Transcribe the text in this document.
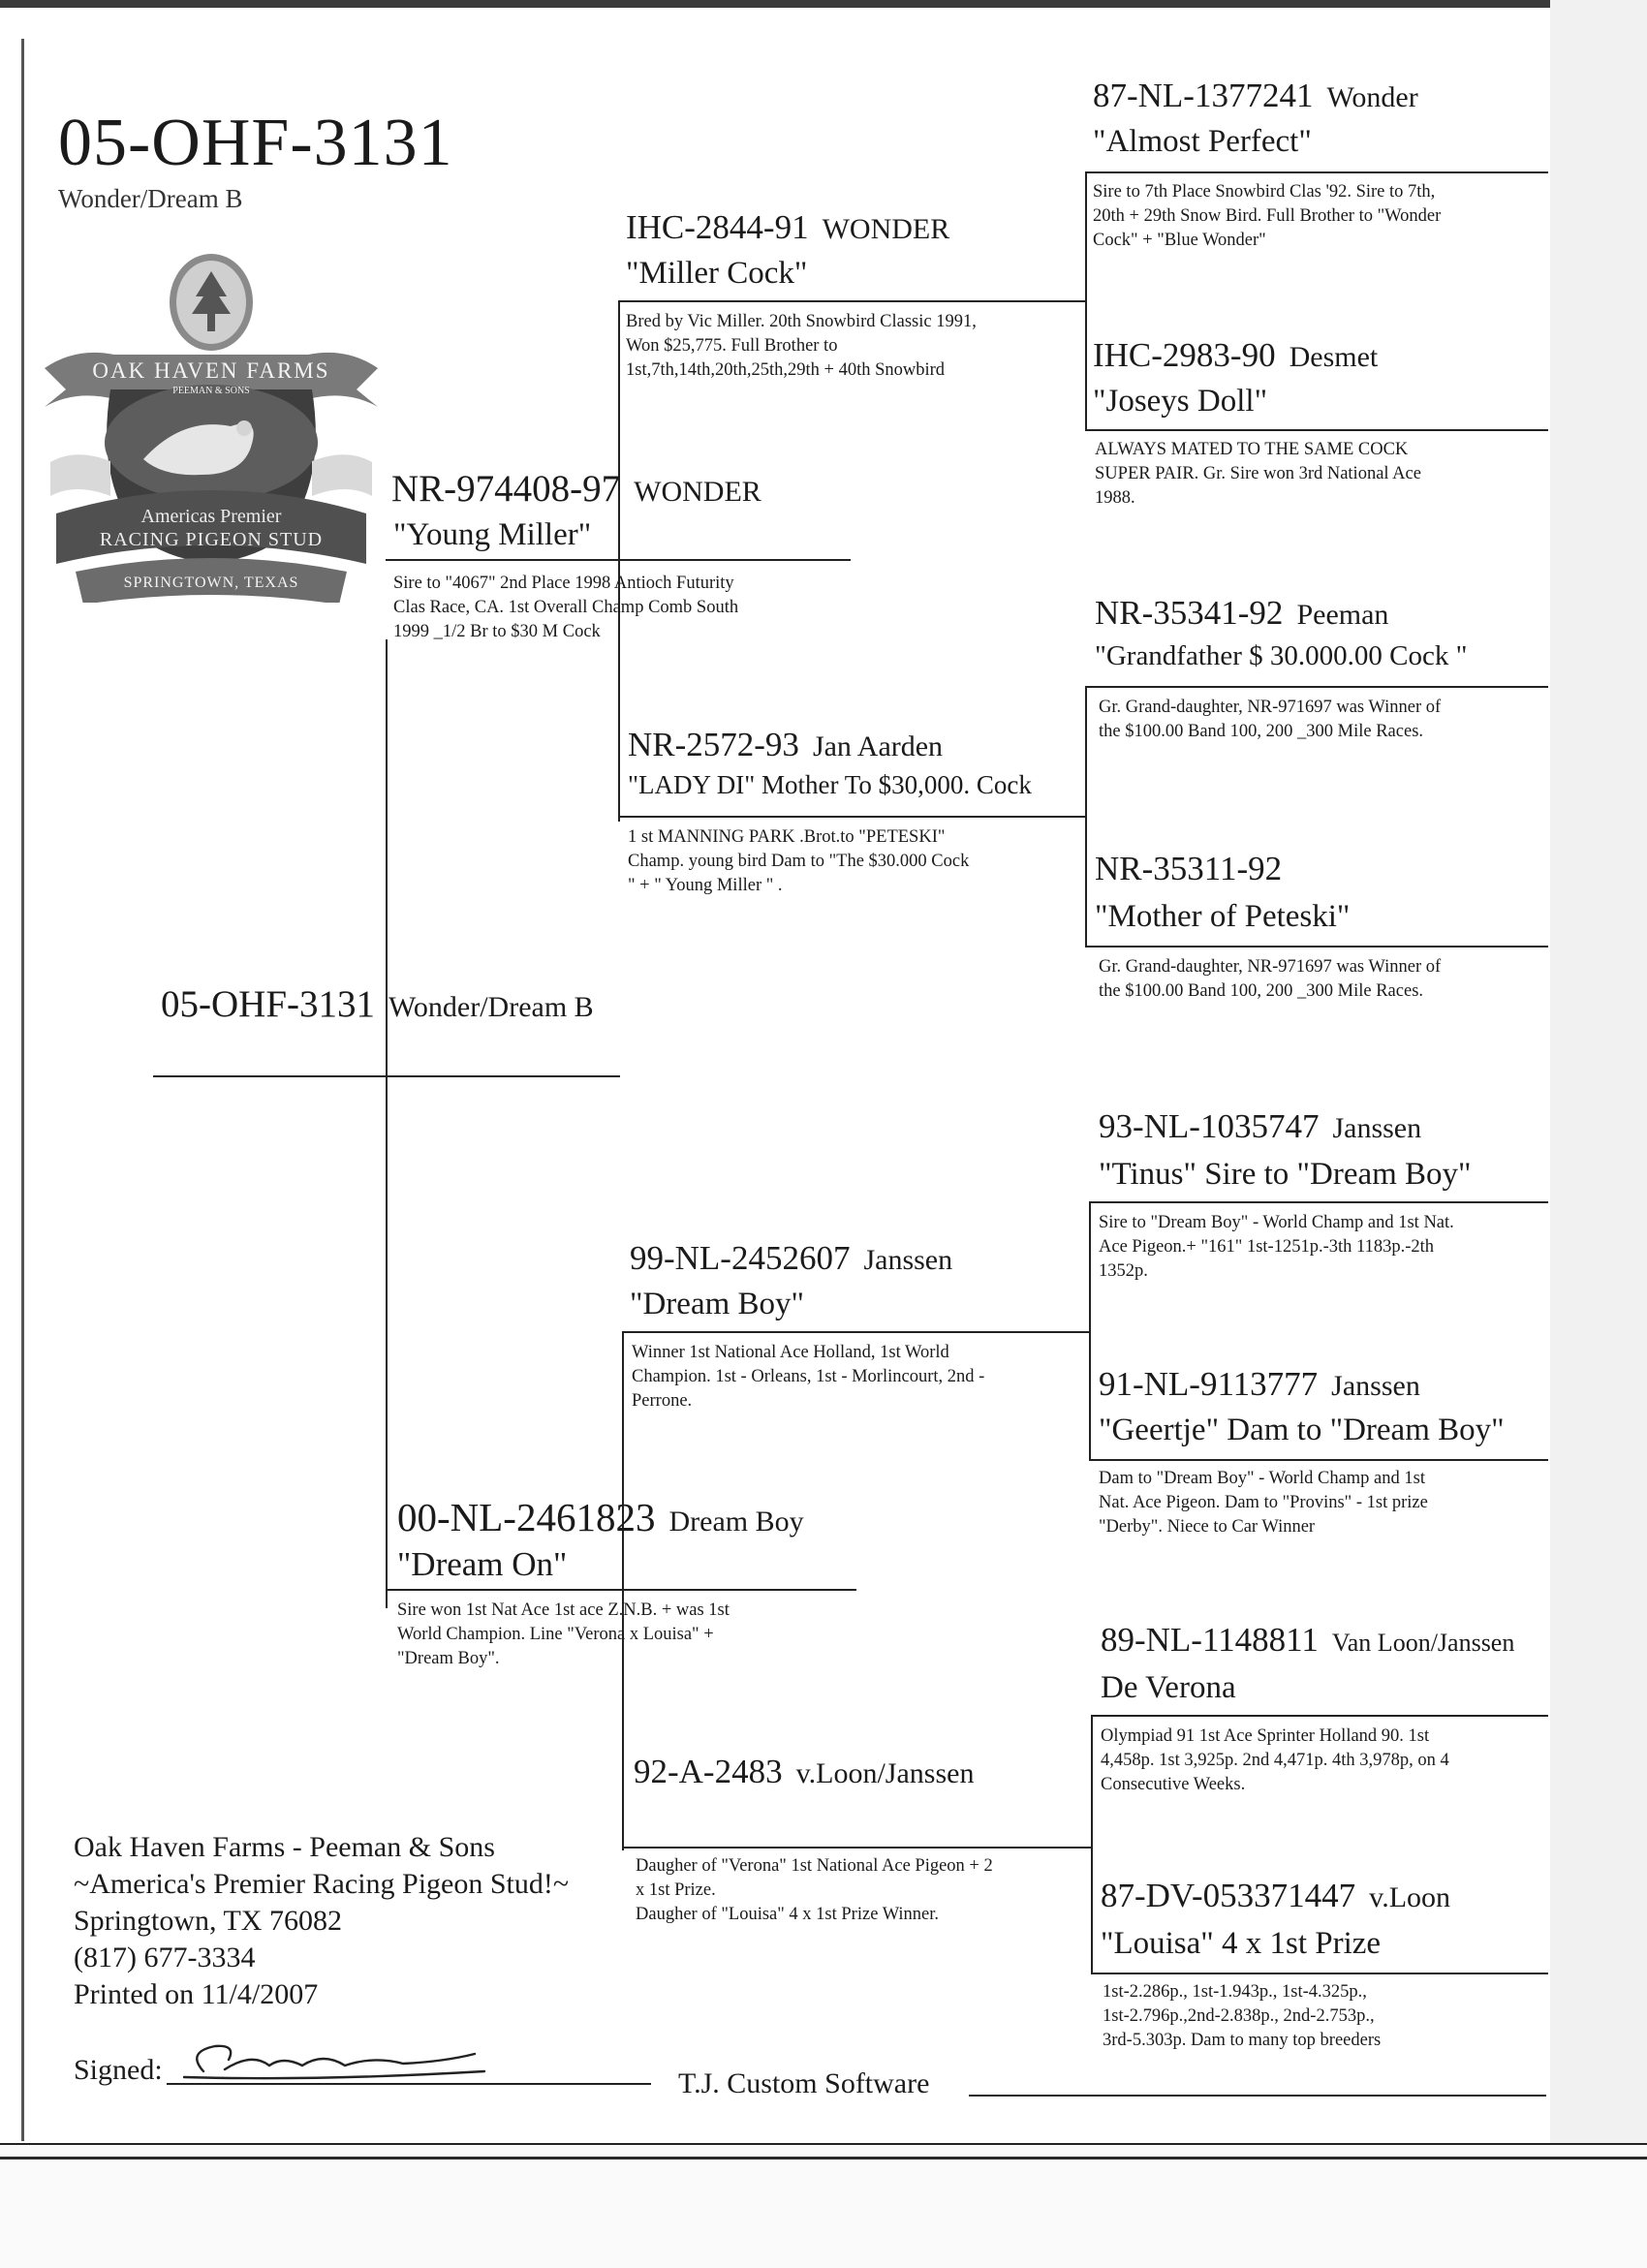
05-OHF-3131
Wonder/Dream B
OAK HAVEN FARMS
PEEMAN & SONS
Americas Premier
RACING PIGEON STUD
SPRINGTOWN, TEXAS
05-OHF-3131 Wonder/Dream B
NR-974408-97 WONDER
"Young Miller"
Sire to "4067" 2nd Place 1998 Antioch Futurity
Clas Race, CA. 1st Overall Champ Comb South
1999 _1/2 Br to $30 M Cock
00-NL-2461823 Dream Boy
"Dream On"
Sire won 1st Nat Ace 1st ace Z.N.B. + was 1st
World Champion. Line "Verona x Louisa" +
"Dream Boy".
IHC-2844-91 WONDER
"Miller Cock"
Bred by Vic Miller. 20th Snowbird Classic 1991,
Won $25,775. Full Brother to
1st,7th,14th,20th,25th,29th + 40th Snowbird
NR-2572-93 Jan Aarden
"LADY DI" Mother To $30,000. Cock
1 st MANNING PARK .Brot.to "PETESKI"
Champ. young bird Dam to "The $30.000 Cock
" + " Young Miller " .
99-NL-2452607 Janssen
"Dream Boy"
Winner 1st National Ace Holland, 1st World
Champion. 1st - Orleans, 1st - Morlincourt, 2nd -
Perrone.
92-A-2483 v.Loon/Janssen
Daugher of "Verona" 1st National Ace Pigeon + 2
x 1st Prize.
Daugher of "Louisa" 4 x 1st Prize Winner.
87-NL-1377241 Wonder
"Almost Perfect"
Sire to 7th Place Snowbird Clas '92. Sire to 7th,
20th + 29th Snow Bird. Full Brother to "Wonder
Cock" + "Blue Wonder"
IHC-2983-90 Desmet
"Joseys Doll"
ALWAYS MATED TO THE SAME COCK
SUPER PAIR. Gr. Sire won 3rd National Ace
1988.
NR-35341-92 Peeman
"Grandfather $ 30.000.00 Cock "
Gr. Grand-daughter, NR-971697 was Winner of
the $100.00 Band 100, 200 _300 Mile Races.
NR-35311-92
"Mother of Peteski"
Gr. Grand-daughter, NR-971697 was Winner of
the $100.00 Band 100, 200 _300 Mile Races.
93-NL-1035747 Janssen
"Tinus" Sire to "Dream Boy"
Sire to "Dream Boy" - World Champ and 1st Nat.
Ace Pigeon.+ "161" 1st-1251p.-3th 1183p.-2th
1352p.
91-NL-9113777 Janssen
"Geertje" Dam to "Dream Boy"
Dam to "Dream Boy" - World Champ and 1st
Nat. Ace Pigeon. Dam to "Provins" - 1st prize
"Derby". Niece to Car Winner
89-NL-1148811 Van Loon/Janssen
De Verona
Olympiad 91 1st Ace Sprinter Holland 90. 1st
4,458p. 1st 3,925p. 2nd 4,471p. 4th 3,978p, on 4
Consecutive Weeks.
87-DV-053371447 v.Loon
"Louisa" 4 x 1st Prize
1st-2.286p., 1st-1.943p., 1st-4.325p.,
1st-2.796p.,2nd-2.838p., 2nd-2.753p.,
3rd-5.303p. Dam to many top breeders
Oak Haven Farms - Peeman & Sons
~America's Premier Racing Pigeon Stud!~
Springtown, TX 76082
(817) 677-3334
Printed on 11/4/2007
Signed:	T.J. Custom Software
